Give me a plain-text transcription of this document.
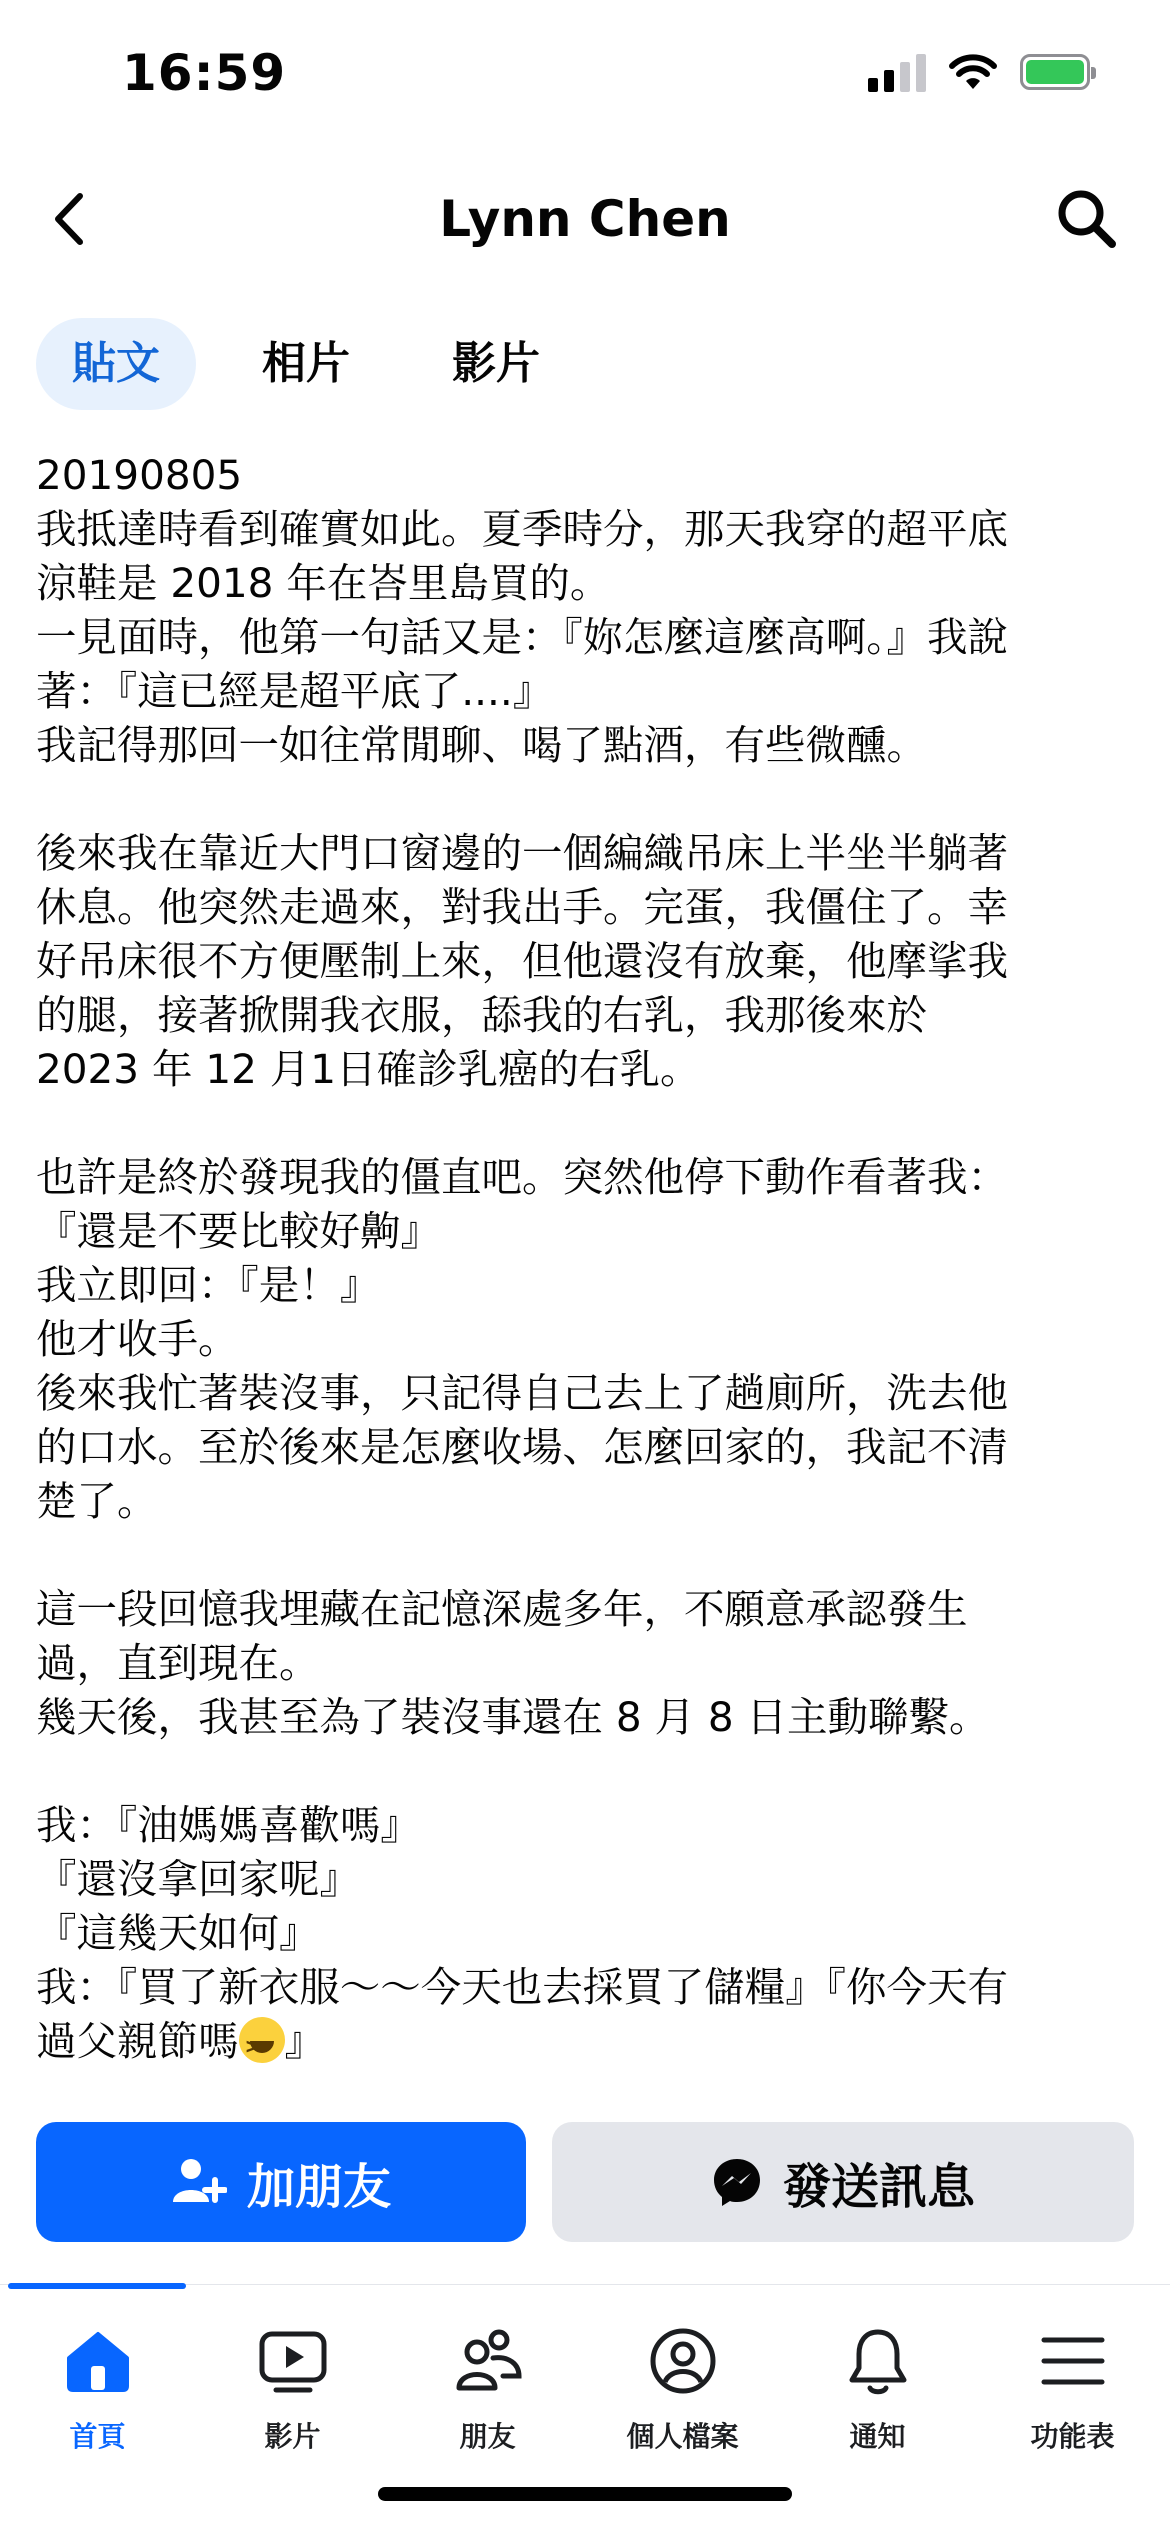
16:59
Lynn Chen
貼文	相片	影片

20190805

我抵達時看到確實如此。夏季時分，那天我穿的超平底

涼鞋是 2018 年在峇里島買的。

一見面時，他第一句話又是：『妳怎麼這麼高啊。』我說

著：『這已經是超平底了....』

我記得那回一如往常閒聊、喝了點酒，有些微醺。

後來我在靠近大門口窗邊的一個編織吊床上半坐半躺著

休息。他突然走過來，對我出手。完蛋，我僵住了。幸

好吊床很不方便壓制上來，但他還沒有放棄，他摩挲我

的腿，接著掀開我衣服，舔我的右乳，我那後來於

2023 年 12 月1日確診乳癌的右乳。

也許是終於發現我的僵直吧。突然他停下動作看著我：

『還是不要比較好齁』

我立即回：『是！』

他才收手。

後來我忙著裝沒事，只記得自己去上了趟廁所，洗去他

的口水。至於後來是怎麼收場、怎麼回家的，我記不清

楚了。

這一段回憶我埋藏在記憶深處多年，不願意承認發生

過，直到現在。

幾天後，我甚至為了裝沒事還在 8 月 8 日主動聯繫。

我：『油媽媽喜歡嗎』

『還沒拿回家呢』

『這幾天如何』

我：『買了新衣服～～今天也去採買了儲糧』『你今天有

過父親節嗎> < 』

加朋友	發送訊息
首頁	影片	朋友	個人檔案	通知	功能表
